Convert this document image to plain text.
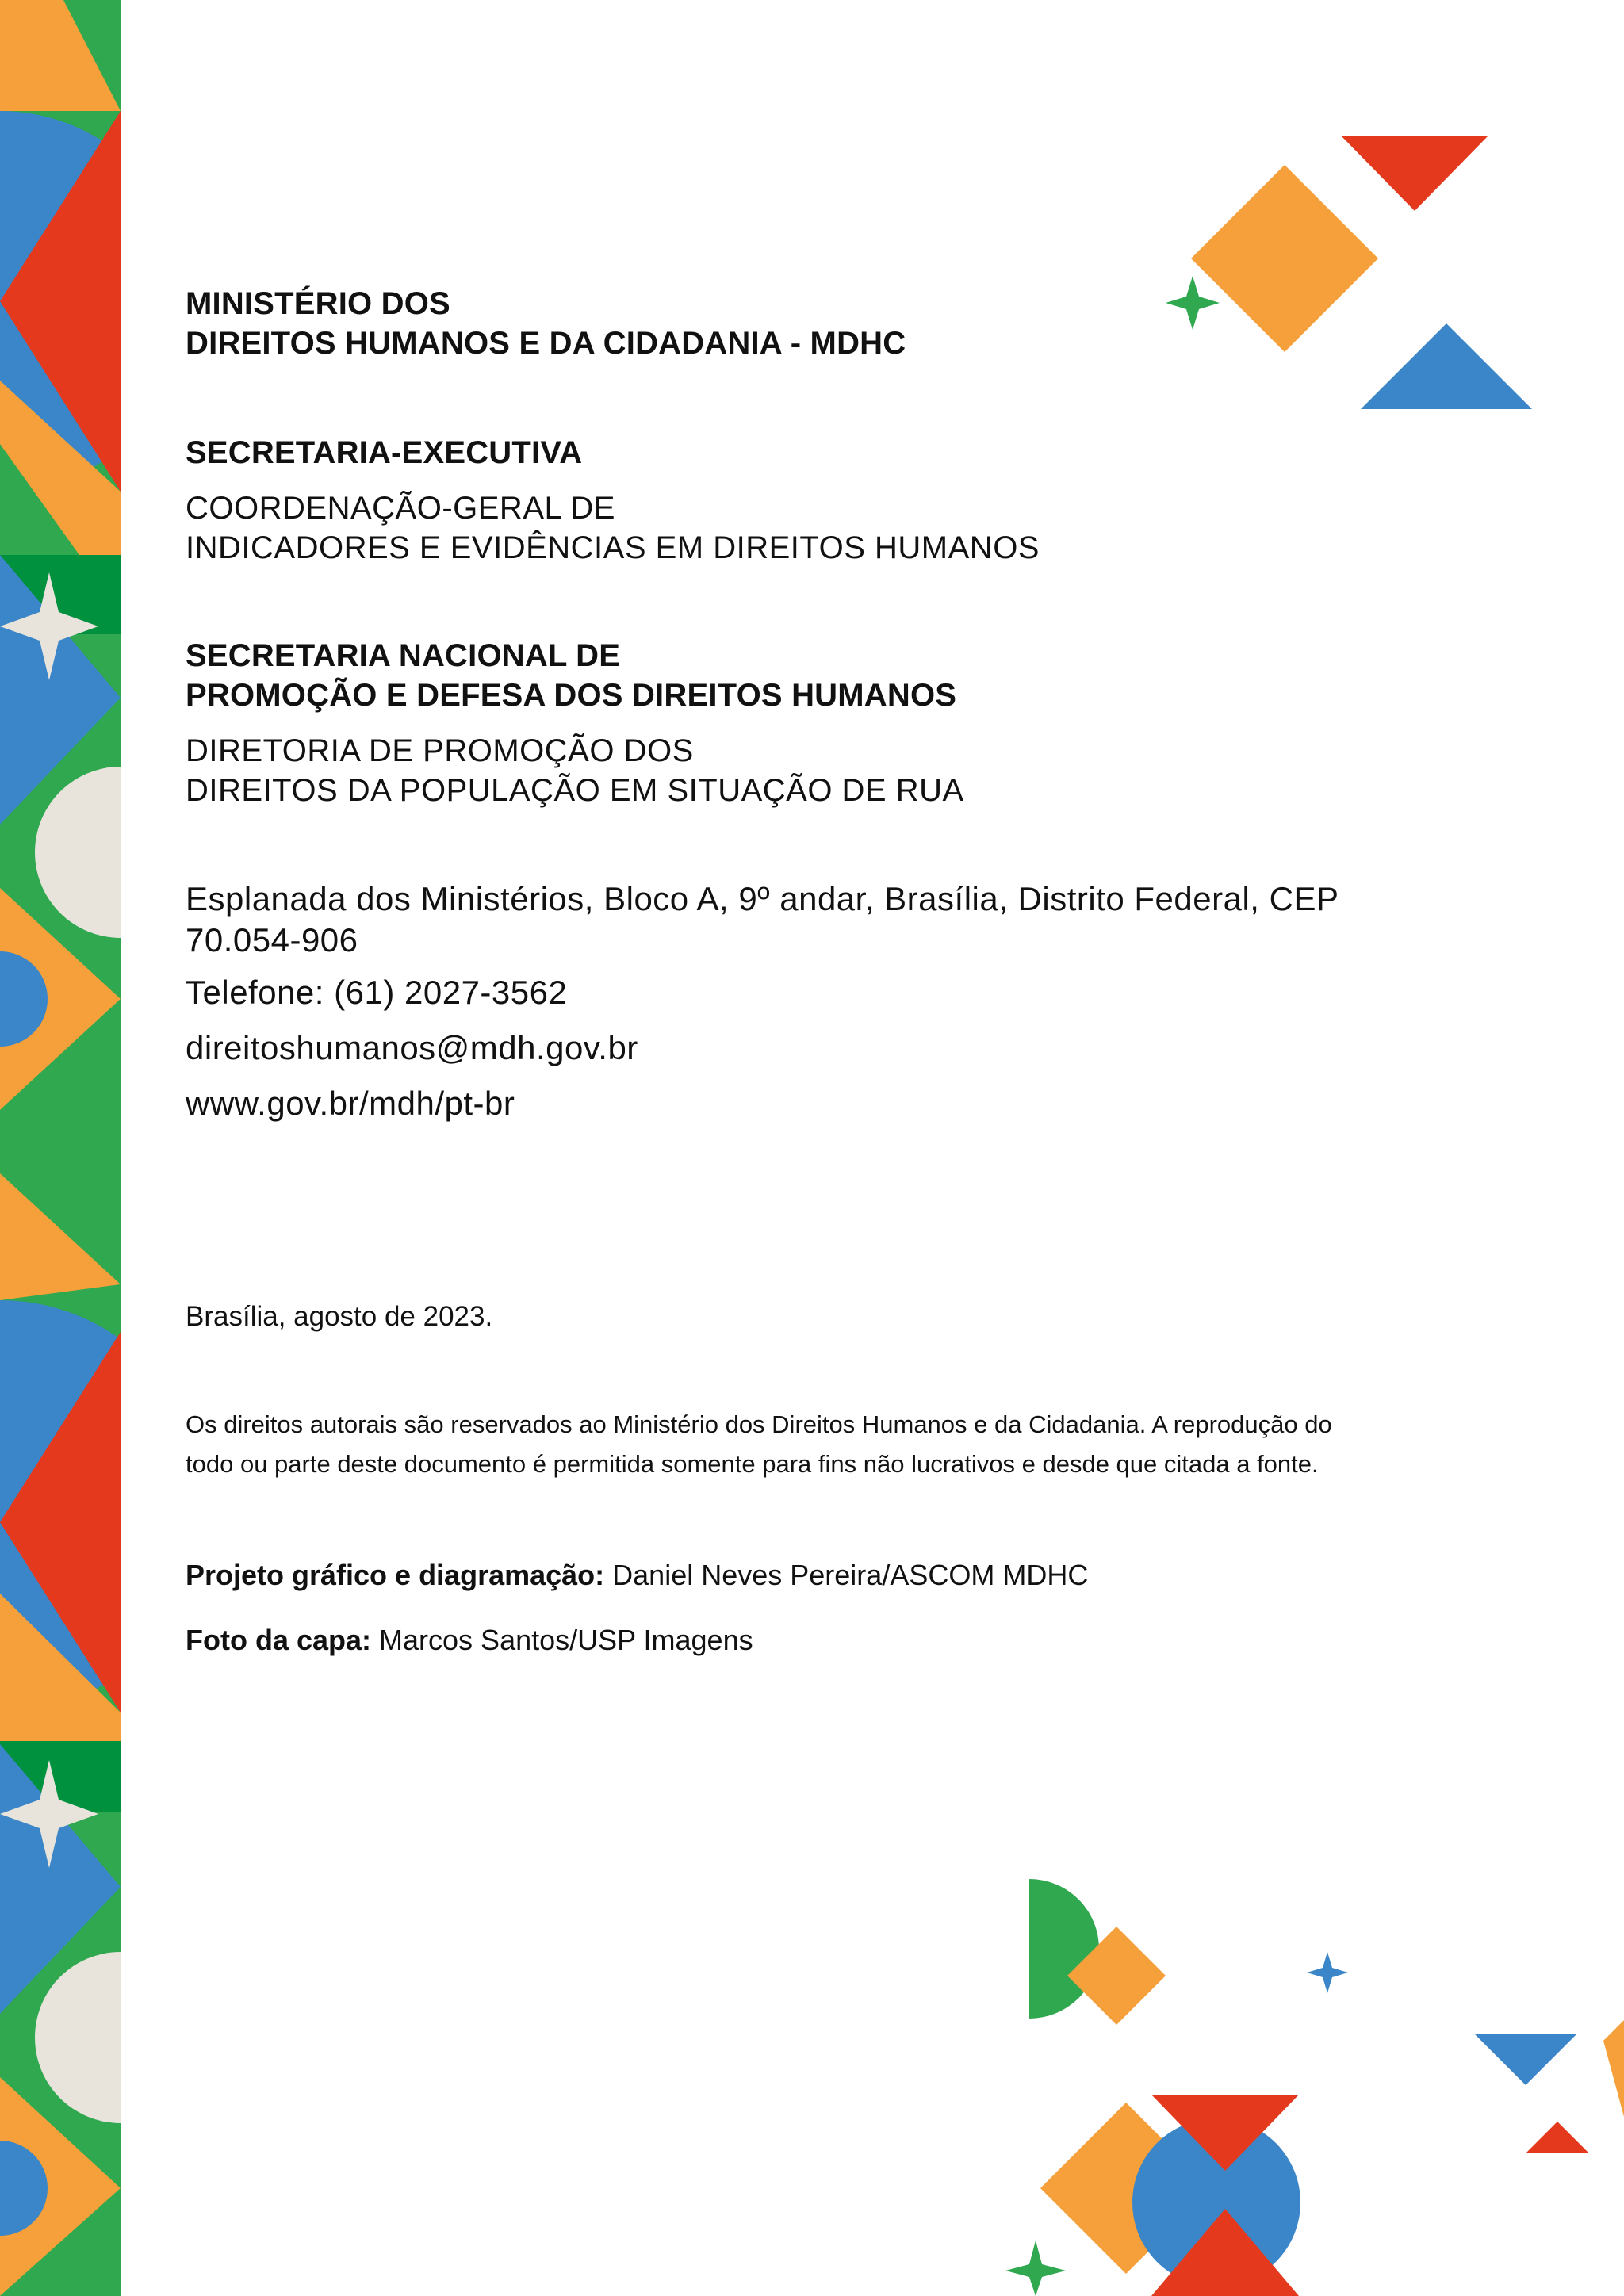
MINISTÉRIO DOS
DIREITOS HUMANOS E DA CIDADANIA - MDHC
SECRETARIA-EXECUTIVA
COORDENAÇÃO-GERAL DE
INDICADORES E EVIDÊNCIAS EM DIREITOS HUMANOS
SECRETARIA NACIONAL DE
PROMOÇÃO E DEFESA DOS DIREITOS HUMANOS
DIRETORIA DE PROMOÇÃO DOS
DIREITOS DA POPULAÇÃO EM SITUAÇÃO DE RUA
Esplanada dos Ministérios, Bloco A, 9º andar, Brasília, Distrito Federal, CEP
70.054-906
Telefone: (61) 2027-3562
direitoshumanos@mdh.gov.br
www.gov.br/mdh/pt-br
Brasília, agosto de 2023.
Os direitos autorais são reservados ao Ministério dos Direitos Humanos e da Cidadania. A reprodução do
todo ou parte deste documento é permitida somente para fins não lucrativos e desde que citada a fonte.
Projeto gráfico e diagramação: Daniel Neves Pereira/ASCOM MDHC
Foto da capa: Marcos Santos/USP Imagens
